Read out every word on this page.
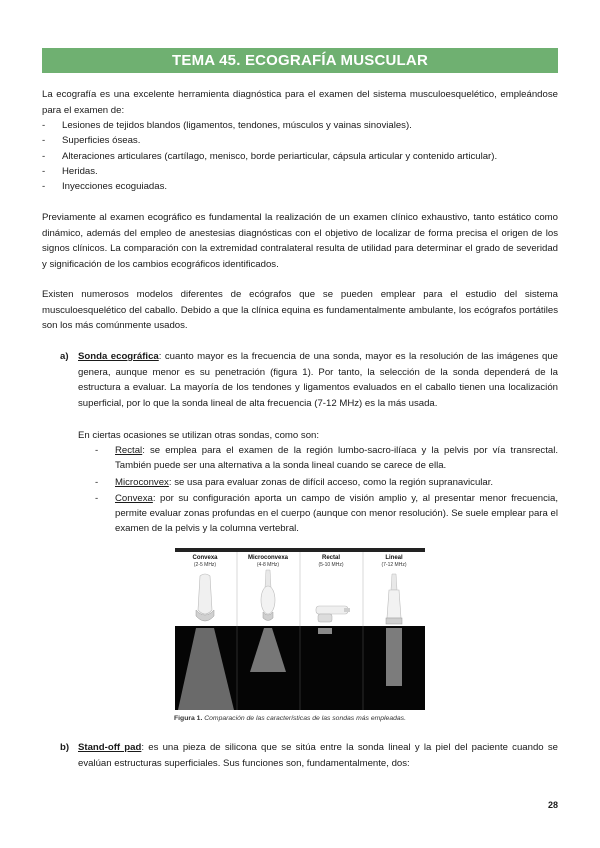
TEMA 45. ECOGRAFÍA MUSCULAR

La ecografía es una excelente herramienta diagnóstica para el examen del sistema musculoesquelético, empleándose para el examen de:

- Lesiones de tejidos blandos (ligamentos, tendones, músculos y vainas sinoviales).
- Superficies óseas.
- Alteraciones articulares (cartílago, menisco, borde periarticular, cápsula articular y contenido articular).
- Heridas.
- Inyecciones ecoguiadas.

Previamente al examen ecográfico es fundamental la realización de un examen clínico exhaustivo, tanto estático como dinámico, además del empleo de anestesias diagnósticas con el objetivo de localizar de forma precisa el origen de los signos clínicos. La comparación con la extremidad contralateral resulta de utilidad para determinar el grado de severidad y significación de los cambios ecográficos identificados.

Existen numerosos modelos diferentes de ecógrafos que se pueden emplear para el estudio del sistema musculoesquelético del caballo. Debido a que la clínica equina es fundamentalmente ambulante, los ecógrafos portátiles son los más comúnmente usados.

a) Sonda ecográfica: cuanto mayor es la frecuencia de una sonda, mayor es la resolución de las imágenes que genera, aunque menor es su penetración (figura 1). Por tanto, la selección de la sonda dependerá de la estructura a evaluar. La mayoría de los tendones y ligamentos evaluados en el caballo tienen una localización superficial, por lo que la sonda lineal de alta frecuencia (7-12 MHz) es la más usada.
En ciertas ocasiones se utilizan otras sondas, como son:
- Rectal: se emplea para el examen de la región lumbo-sacro-ilíaca y la pelvis por vía transrectal. También puede ser una alternativa a la sonda lineal cuando se carece de ella.
- Microconvex: se usa para evaluar zonas de difícil acceso, como la región supranavicular.
- Convexa: por su configuración aporta un campo de visión amplio y, al presentar menor frecuencia, permite evaluar zonas profundas en el cuerpo (aunque con menor resolución). Se suele emplear para el examen de la pelvis y la columna vertebral.
Convexa
(2-5 MHz)
Microconvexa
(4-8 MHz)
Rectal
(5-10 MHz)
Lineal
(7-12 MHz)
Figura 1. Comparación de las características de las sondas más empleadas.
b) Stand-off pad: es una pieza de silicona que se sitúa entre la sonda lineal y la piel del paciente cuando se evalúan estructuras superficiales. Sus funciones son, fundamentalmente, dos:
28
